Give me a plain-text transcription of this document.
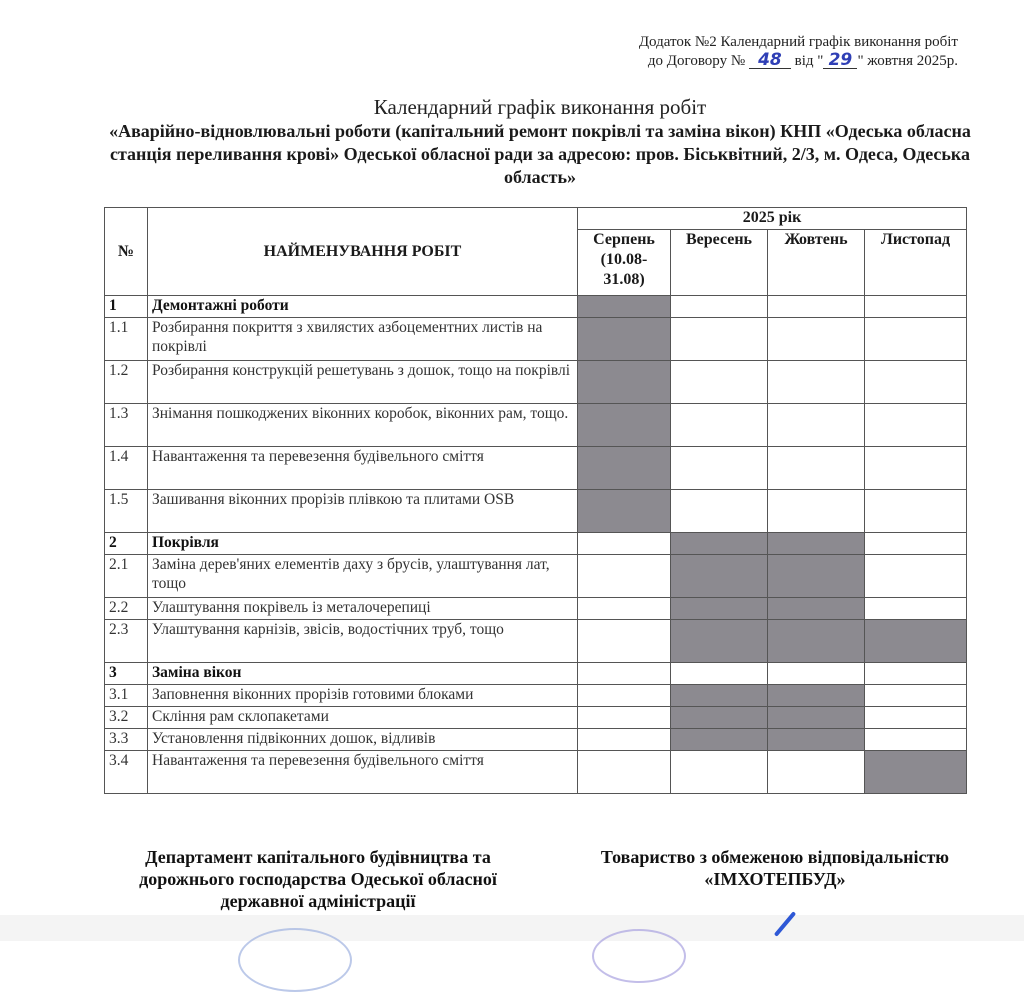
Додаток №2 Календарний графік виконання робіт
до Договору № 48 від " 29 " жовтня 2025р.
Календарний графік виконання робіт
«Аварійно-відновлювальні роботи (капітальний ремонт покрівлі та заміна вікон) КНП «Одеська обласна станція переливання крові» Одеської обласної ради за адресою: пров. Біськвітний, 2/3, м. Одеса, Одеська область»
№	НАЙМЕНУВАННЯ РОБІТ	2025 рік			
		Серпень (10.08-31.08)	Вересень	Жовтень	Листопад
1	Демонтажні роботи				
1.1	Розбирання покриття з хвилястих азбоцементних листів на покрівлі				
1.2	Розбирання конструкцій решетувань з дошок, тощо на покрівлі				
1.3	Знімання пошкоджених віконних коробок, віконних рам, тощо.				
1.4	Навантаження та перевезення будівельного сміття				
1.5	Зашивання віконних прорізів плівкою та плитами OSB				
2	Покрівля				
2.1	Заміна дерев'яних елементів даху з брусів, улаштування лат, тощо				
2.2	Улаштування покрівель із металочерепиці				
2.3	Улаштування карнізів, звісів, водостічних труб, тощо				
3	Заміна вікон				
3.1	Заповнення віконних прорізів готовими блоками				
3.2	Скління рам склопакетами				
3.3	Установлення підвіконних дошок, відливів				
3.4	Навантаження та перевезення будівельного сміття				
Департамент капітального будівництва та дорожнього господарства Одеської обласної державної адміністрації
Товариство з обмеженою відповідальністю «ІМХОТЕПБУД»
